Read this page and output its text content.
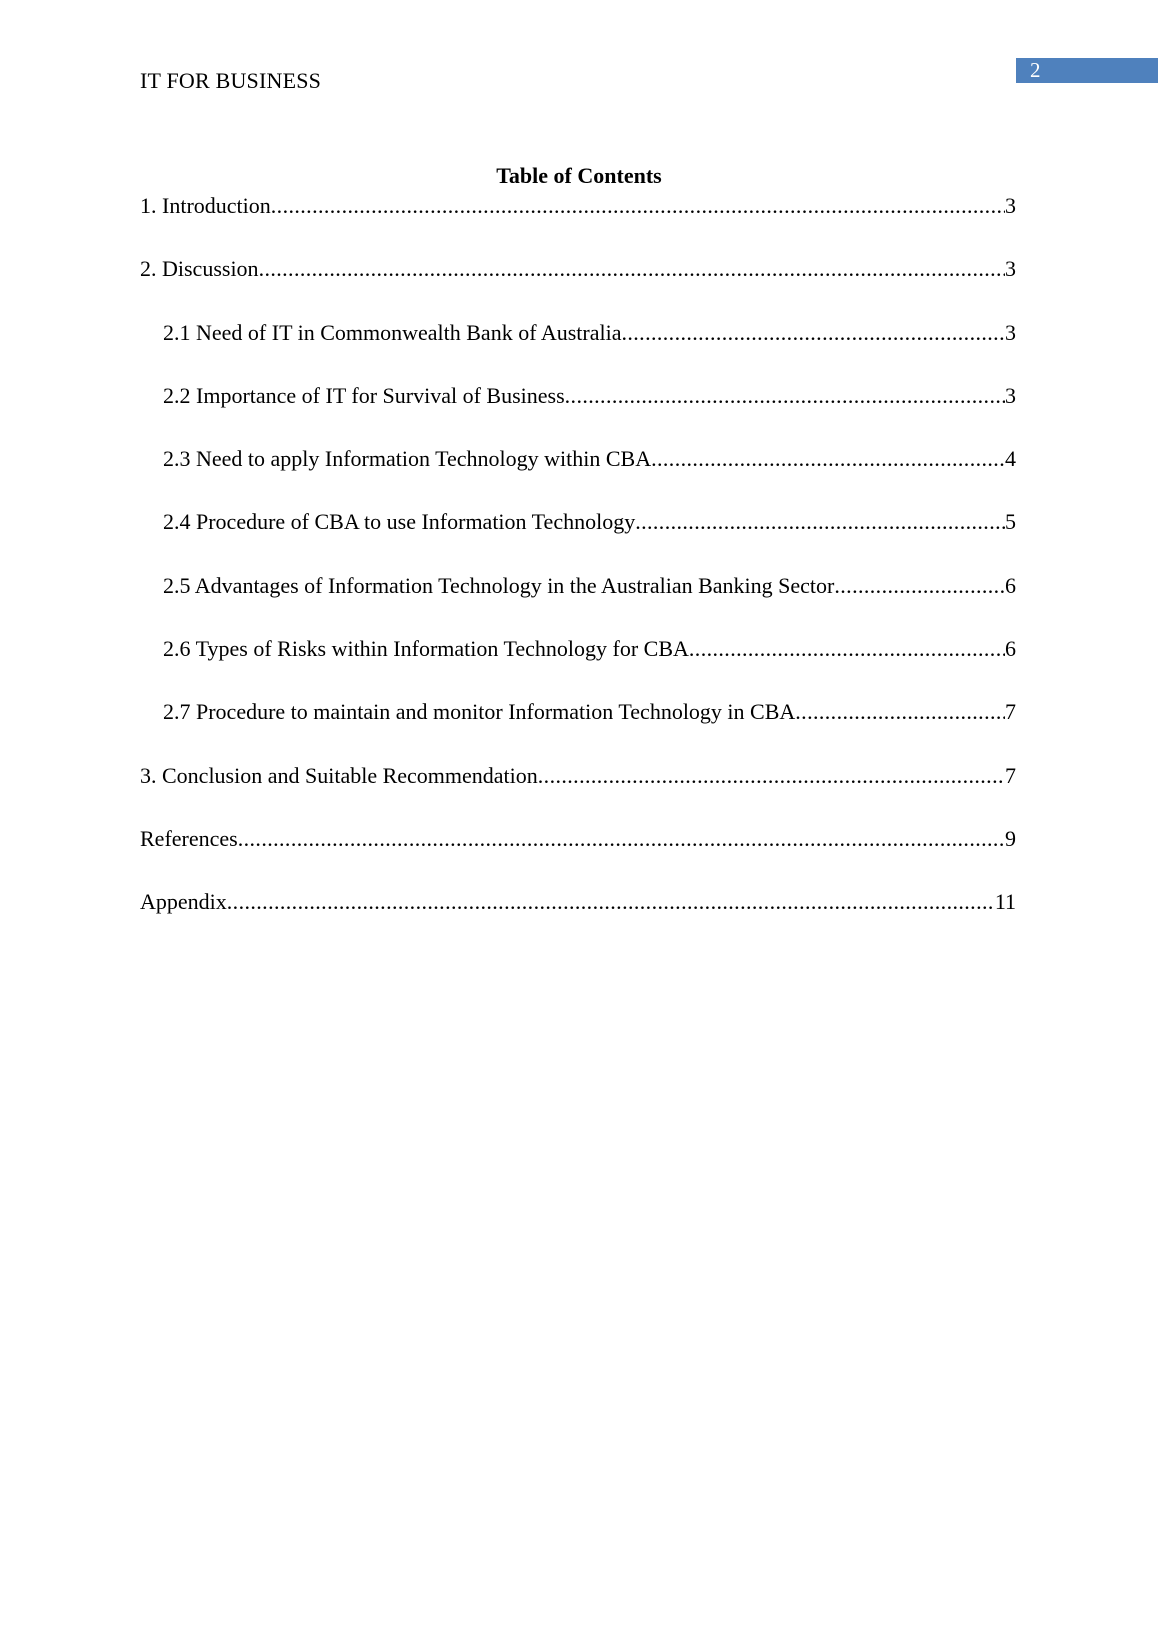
IT FOR BUSINESS	2
Table of Contents
1. Introduction .....	3
2. Discussion .....	3
2.1 Need of IT in Commonwealth Bank of Australia .....	3
2.2 Importance of IT for Survival of Business .....	3
2.3 Need to apply Information Technology within CBA .....	4
2.4 Procedure of CBA to use Information Technology .....	5
2.5 Advantages of Information Technology in the Australian Banking Sector .....	6
2.6 Types of Risks within Information Technology for CBA .....	6
2.7 Procedure to maintain and monitor Information Technology in CBA .....	7
3. Conclusion and Suitable Recommendation .....	7
References .....	9
Appendix .....	11
